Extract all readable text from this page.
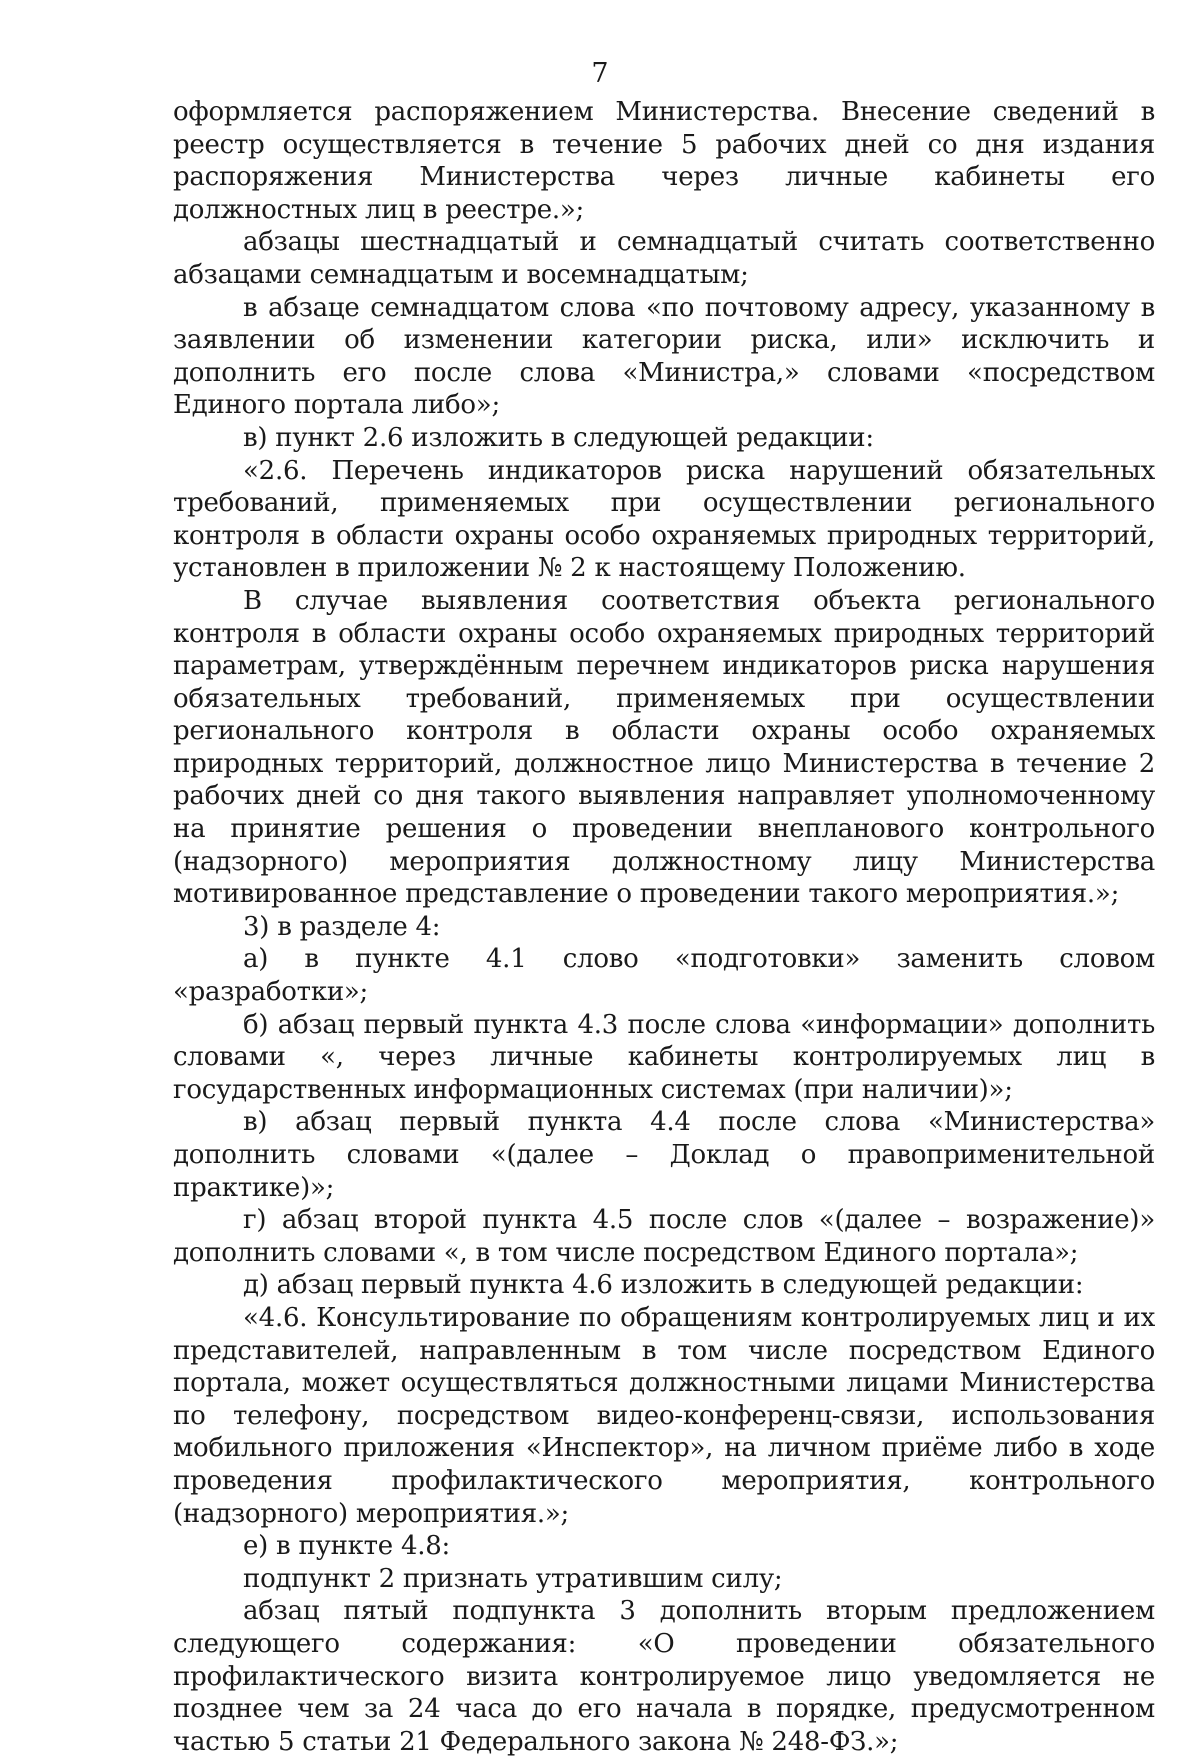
7

оформляется распоряжением Министерства. Внесение сведений в реестр осуществляется в течение 5 рабочих дней со дня издания распоряжения Министерства через личные кабинеты его должностных лиц в реестре.»;

абзацы шестнадцатый и семнадцатый считать соответственно абзацами семнадцатым и восемнадцатым;

в абзаце семнадцатом слова «по почтовому адресу, указанному в заявлении об изменении категории риска, или» исключить и дополнить его после слова «Министра,» словами «посредством Единого портала либо»;

в) пункт 2.6 изложить в следующей редакции:

«2.6. Перечень индикаторов риска нарушений обязательных требований, применяемых при осуществлении регионального контроля в области охраны особо охраняемых природных территорий, установлен в приложении № 2 к настоящему Положению.

В случае выявления соответствия объекта регионального контроля в области охраны особо охраняемых природных территорий параметрам, утверждённым перечнем индикаторов риска нарушения обязательных требований, применяемых при осуществлении регионального контроля в области охраны особо охраняемых природных территорий, должностное лицо Министерства в течение 2 рабочих дней со дня такого выявления направляет уполномоченному на принятие решения о проведении внепланового контрольного (надзорного) мероприятия должностному лицу Министерства мотивированное представление о проведении такого мероприятия.»;

3) в разделе 4:

а) в пункте 4.1 слово «подготовки» заменить словом «разработки»;

б) абзац первый пункта 4.3 после слова «информации» дополнить словами «, через личные кабинеты контролируемых лиц в государственных информационных системах (при наличии)»;

в) абзац первый пункта 4.4 после слова «Министерства» дополнить словами «(далее – Доклад о правоприменительной практике)»;

г) абзац второй пункта 4.5 после слов «(далее – возражение)» дополнить словами «, в том числе посредством Единого портала»;

д) абзац первый пункта 4.6 изложить в следующей редакции:

«4.6. Консультирование по обращениям контролируемых лиц и их представителей, направленным в том числе посредством Единого портала, может осуществляться должностными лицами Министерства по телефону, посредством видео-конференц-связи, использования мобильного приложения «Инспектор», на личном приёме либо в ходе проведения профилактического мероприятия, контрольного (надзорного) мероприятия.»;

е) в пункте 4.8:

подпункт 2 признать утратившим силу;

абзац пятый подпункта 3 дополнить вторым предложением следующего содержания: «О проведении обязательного профилактического визита контролируемое лицо уведомляется не позднее чем за 24 часа до его начала в порядке, предусмотренном частью 5 статьи 21 Федерального закона № 248-ФЗ.»;
